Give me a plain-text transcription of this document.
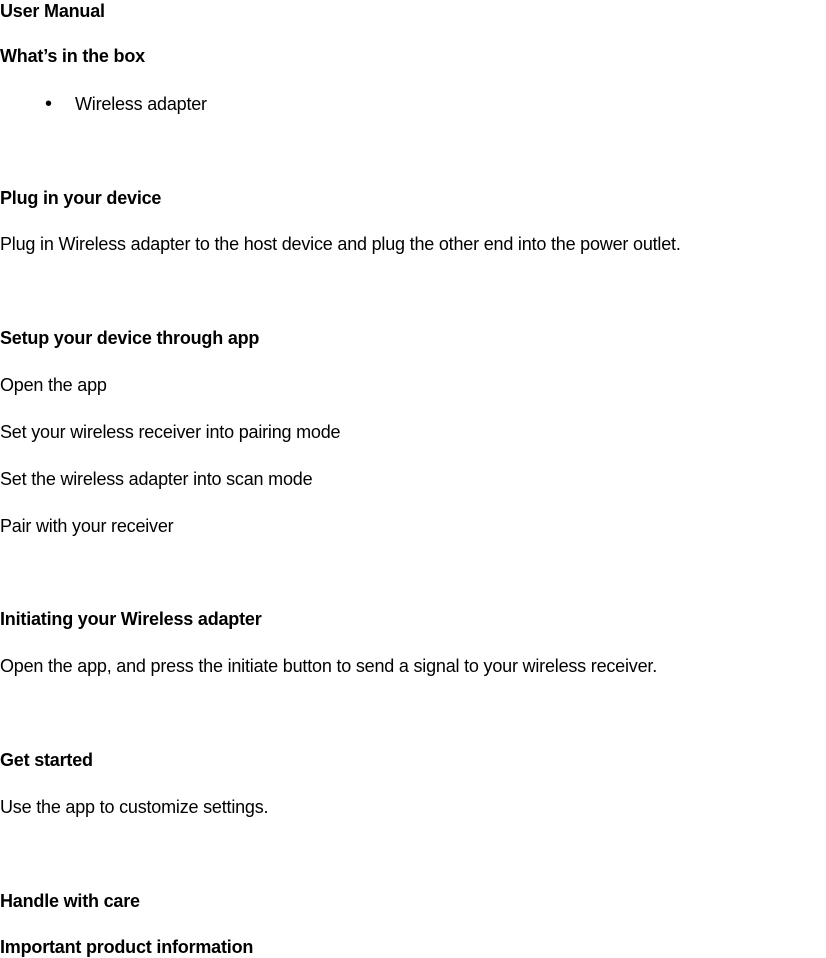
User Manual
What’s in the box
• Wireless adapter
Plug in your device
Plug in Wireless adapter to the host device and plug the other end into the power outlet.
Setup your device through app
Open the app
Set your wireless receiver into pairing mode
Set the wireless adapter into scan mode
Pair with your receiver
Initiating your Wireless adapter
Open the app, and press the initiate button to send a signal to your wireless receiver.
Get started
Use the app to customize settings.
Handle with care
Important product information
